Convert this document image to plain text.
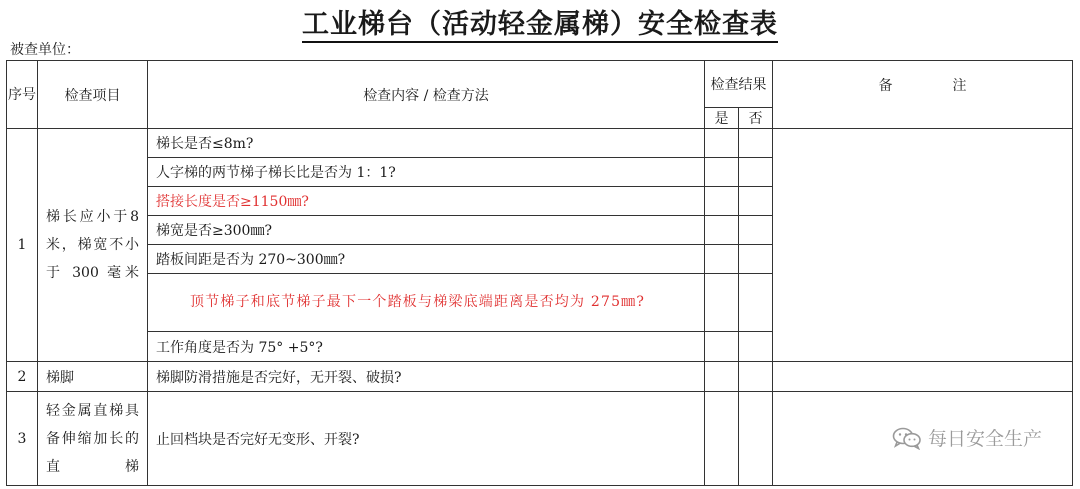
工业梯台（活动轻金属梯）安全检查表
被查单位：
序号	检查项目	检查内容 / 检查方法	检查结果		备 注
			是	否	
1	梯长应小于8米，梯宽不小于 300 毫米	梯长是否≤8m?			
		人字梯的两节梯子梯长比是否为 1：1?			
		搭接长度是否≥1150㎜?			
		梯宽是否≥300㎜?			
		踏板间距是否为 270~300㎜?			
		顶节梯子和底节梯子最下一个踏板与梯梁底端距离是否均为 275㎜?			
		工作角度是否为 75° +5°?			
2	梯脚	梯脚防滑措施是否完好，无开裂、破损?			
3	轻金属直梯具备伸缩加长的直梯	止回档块是否完好无变形、开裂?				每日安全生产
